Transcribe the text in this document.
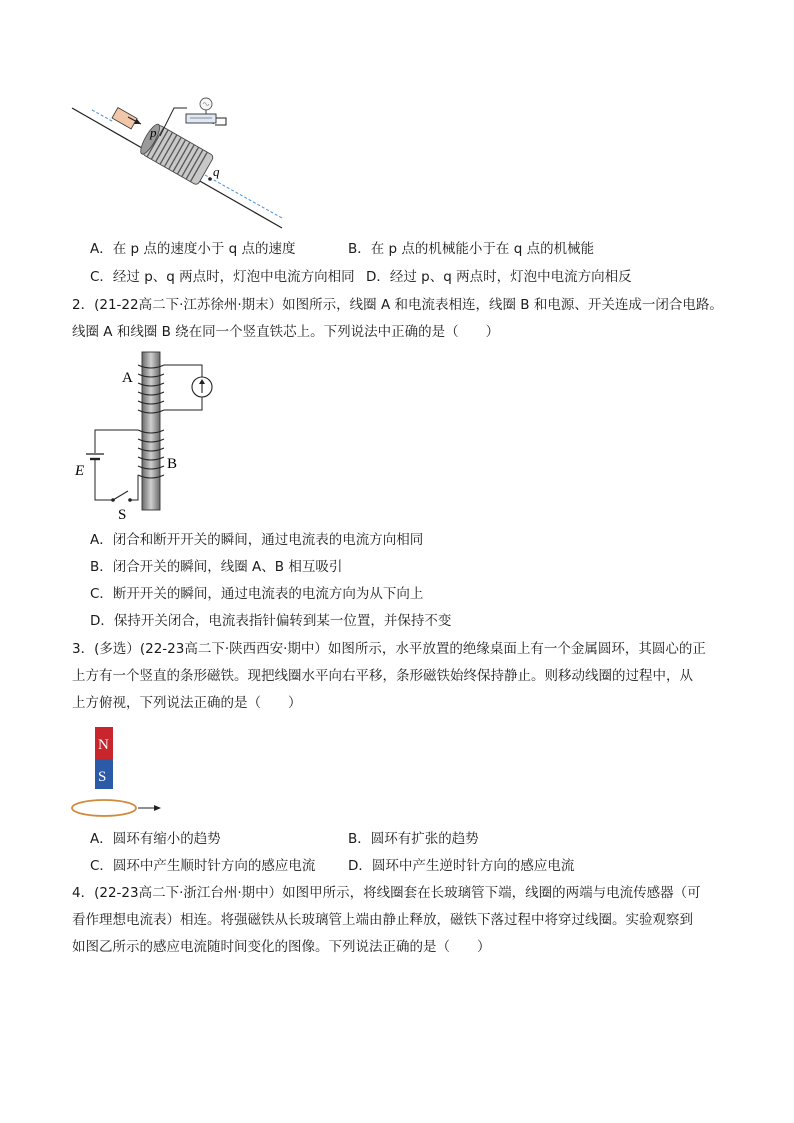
p
q
A．在 p 点的速度小于 q 点的速度	B．在 p 点的机械能小于在 q 点的机械能
C．经过 p、q 两点时，灯泡中电流方向相同 D．经过 p、q 两点时，灯泡中电流方向相反
2．(21-22高二下·江苏徐州·期末）如图所示，线圈 A 和电流表相连，线圈 B 和电源、开关连成一闭合电路。
线圈 A 和线圈 B 绕在同一个竖直铁芯上。下列说法中正确的是（　　）
A
B
E
S
A．闭合和断开开关的瞬间，通过电流表的电流方向相同
B．闭合开关的瞬间，线圈 A、B 相互吸引
C．断开开关的瞬间，通过电流表的电流方向为从下向上
D．保持开关闭合，电流表指针偏转到某一位置，并保持不变
3．(多选）(22-23高二下·陕西西安·期中）如图所示，水平放置的绝缘桌面上有一个金属圆环，其圆心的正
上方有一个竖直的条形磁铁。现把线圈水平向右平移，条形磁铁始终保持静止。则移动线圈的过程中，从
上方俯视，下列说法正确的是（　　）
N
S
A．圆环有缩小的趋势	B．圆环有扩张的趋势
C．圆环中产生顺时针方向的感应电流 D．圆环中产生逆时针方向的感应电流
4．(22-23高二下·浙江台州·期中）如图甲所示，将线圈套在长玻璃管下端，线圈的两端与电流传感器（可
看作理想电流表）相连。将强磁铁从长玻璃管上端由静止释放，磁铁下落过程中将穿过线圈。实验观察到
如图乙所示的感应电流随时间变化的图像。下列说法正确的是（　　）
